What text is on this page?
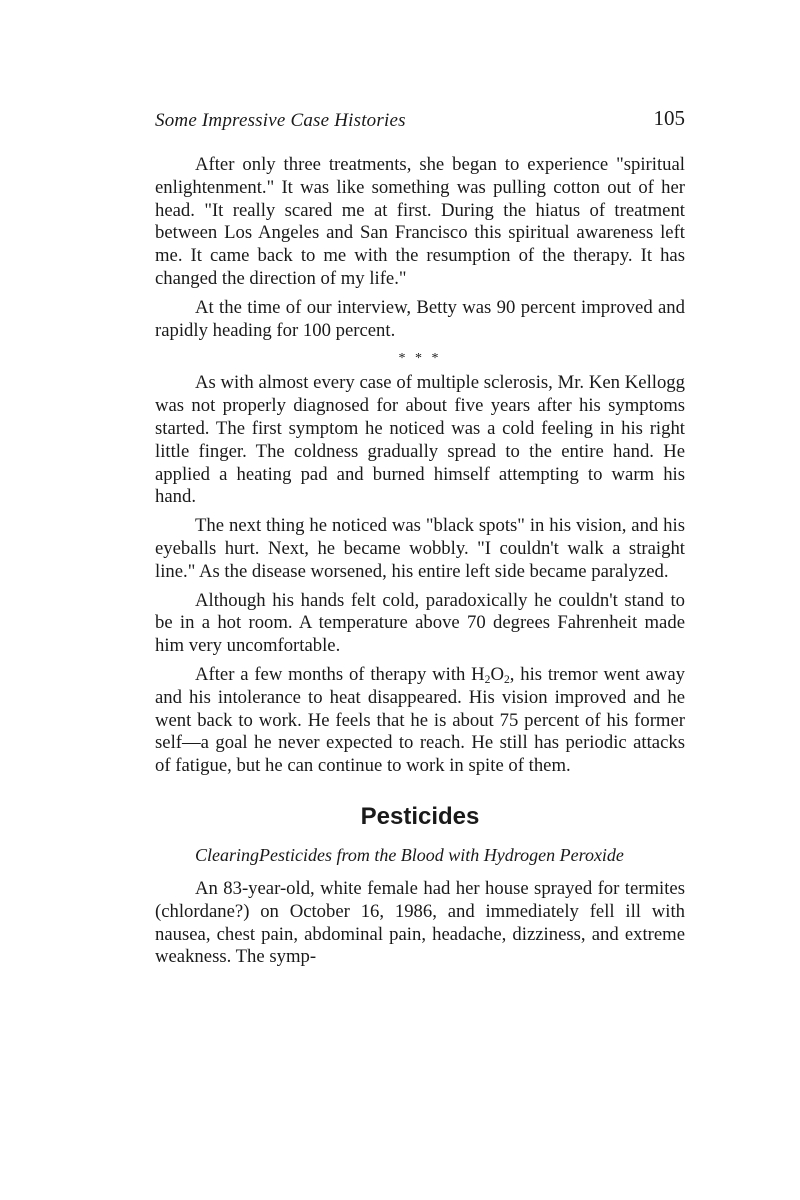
Some Impressive Case Histories	105

After only three treatments, she began to experience "spiritual enlightenment." It was like something was pulling cotton out of her head. "It really scared me at first. During the hiatus of treatment between Los Angeles and San Francisco this spiritual awareness left me. It came back to me with the resumption of the therapy. It has changed the direction of my life."

At the time of our interview, Betty was 90 percent improved and rapidly heading for 100 percent.

* * *

As with almost every case of multiple sclerosis, Mr. Ken Kellogg was not properly diagnosed for about five years after his symptoms started. The first symptom he noticed was a cold feeling in his right little finger. The coldness gradually spread to the entire hand. He applied a heating pad and burned himself attempting to warm his hand.

The next thing he noticed was "black spots" in his vision, and his eyeballs hurt. Next, he became wobbly. "I couldn't walk a straight line." As the disease worsened, his entire left side became paralyzed.

Although his hands felt cold, paradoxically he couldn't stand to be in a hot room. A temperature above 70 degrees Fahrenheit made him very uncomfortable.

After a few months of therapy with $H_2O_2$, his tremor went away and his intolerance to heat disappeared. His vision improved and he went back to work. He feels that he is about 75 percent of his former self—a goal he never expected to reach. He still has periodic attacks of fatigue, but he can continue to work in spite of them.

Pesticides
ClearingPesticides from the Blood with Hydrogen Peroxide

An 83-year-old, white female had her house sprayed for termites (chlordane?) on October 16, 1986, and immediately fell ill with nausea, chest pain, abdominal pain, headache, dizziness, and extreme weakness. The symp-
